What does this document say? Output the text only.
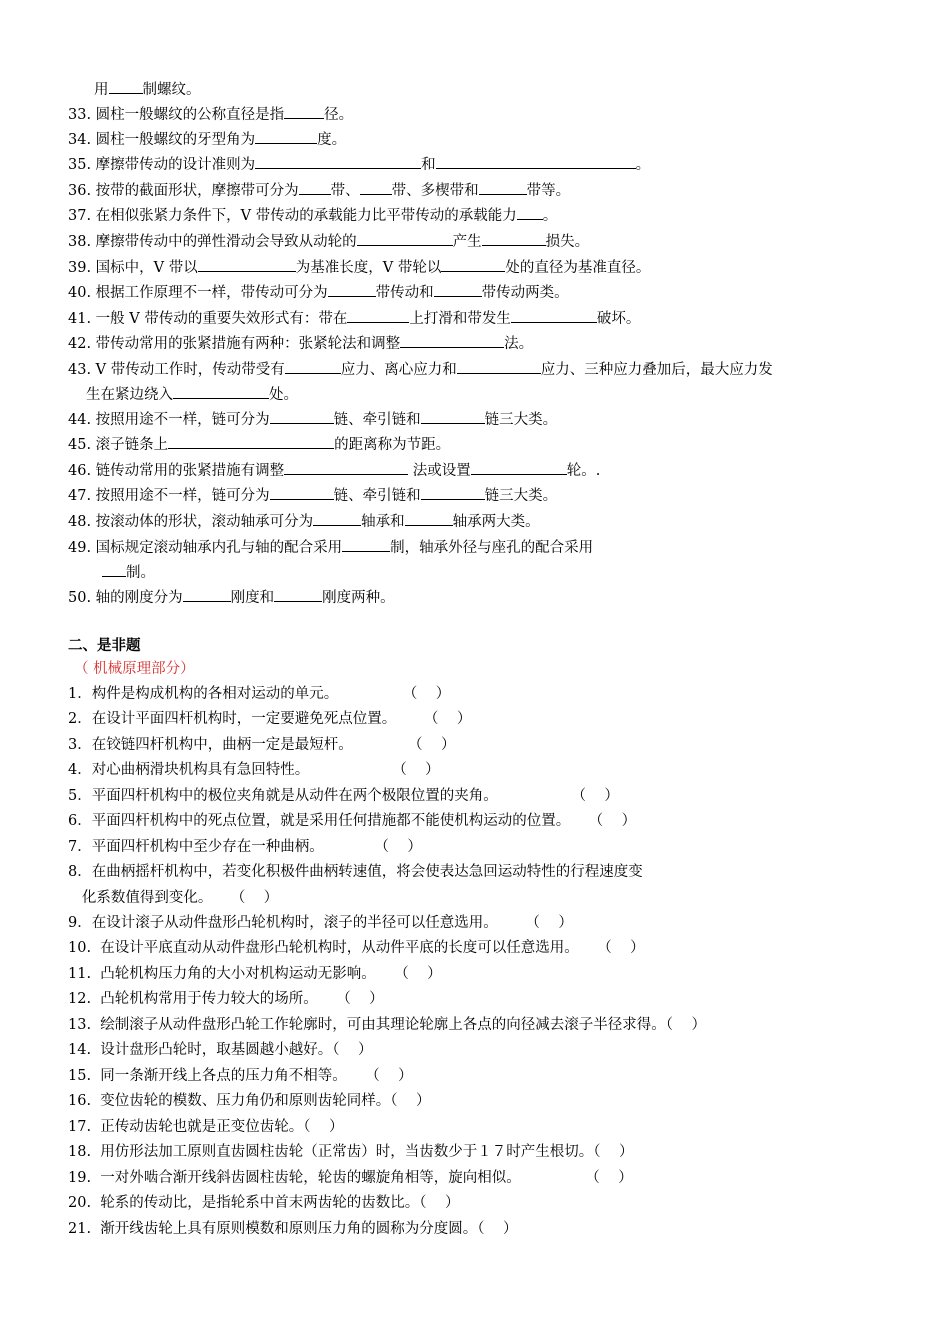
用 制螺纹。
33. 圆柱一般螺纹的公称直径是指	径。
34. 圆柱一般螺纹的牙型角为	度。
35. 摩擦带传动的设计准则为	和	。
36. 按带的截面形状，摩擦带可分为 带、 带、多楔带和	带等。
37. 在相似张紧力条件下，V 带传动的承载能力比平带传动的承载能力 。
38. 摩擦带传动中的弹性滑动会导致从动轮的	产生	损失。
39. 国标中，V 带以	为基准长度，V 带轮以	处的直径为基准直径。
40. 根据工作原理不一样，带传动可分为	带传动和	带传动两类。
41. 一般 V 带传动的重要失效形式有：带在	上打滑和带发生	破坏。
42. 带传动常用的张紧措施有两种：张紧轮法和调整	法。
43. V 带传动工作时，传动带受有	应力、离心应力和	应力、三种应力叠加后，最大应力发
生在紧边绕入	处。
44. 按照用途不一样，链可分为	链、牵引链和	链三大类。
45. 滚子链条上	的距离称为节距。
46. 链传动常用的张紧措施有调整	法或设置	轮。.
47. 按照用途不一样，链可分为	链、牵引链和	链三大类。
48. 按滚动体的形状，滚动轴承可分为	轴承和	轴承两大类。
49. 国标规定滚动轴承内孔与轴的配合采用	制，轴承外径与座孔的配合采用
制。
50. 轴的刚度分为	刚度和	刚度两种。
二、是非题
（ 机械原理部分）
1．构件是构成机构的各相对运动的单元。              （    ）
2．在设计平面四杆机构时，一定要避免死点位置。      （    ）
3．在铰链四杆机构中，曲柄一定是最短杆。            （    ）
4．对心曲柄滑块机构具有急回特性。                  （    ）
5．平面四杆机构中的极位夹角就是从动件在两个极限位置的夹角。                （    ）
6．平面四杆机构中的死点位置，就是采用任何措施都不能使机构运动的位置。    （    ）
7．平面四杆机构中至少存在一种曲柄。           （    ）
8．在曲柄摇杆机构中，若变化积极件曲柄转速值，将会使表达急回运动特性的行程速度变
化系数值得到变化。    （    ）
9．在设计滚子从动件盘形凸轮机构时，滚子的半径可以任意选用。      （    ）
10.  在设计平底直动从动件盘形凸轮机构时，从动件平底的长度可以任意选用。    （    ）
11.  凸轮机构压力角的大小对机构运动无影响。    （    ）
12.  凸轮机构常用于传力较大的场所。    （    ）
13.  绘制滚子从动件盘形凸轮工作轮廓时，可由其理论轮廓上各点的向径减去滚子半径求得。（    ）
14.  设计盘形凸轮时，取基圆越小越好。（    ）
15.  同一条渐开线上各点的压力角不相等。    （    ）
16.  变位齿轮的模数、压力角仍和原则齿轮同样。（    ）
17.  正传动齿轮也就是正变位齿轮。（    ）
18.  用仿形法加工原则直齿圆柱齿轮（正常齿）时，当齿数少于１７时产生根切。（    ）
19.  一对外啮合渐开线斜齿圆柱齿轮，轮齿的螺旋角相等，旋向相似。              （    ）
20.  轮系的传动比，是指轮系中首末两齿轮的齿数比。（    ）
21.  渐开线齿轮上具有原则模数和原则压力角的圆称为分度圆。（    ）
